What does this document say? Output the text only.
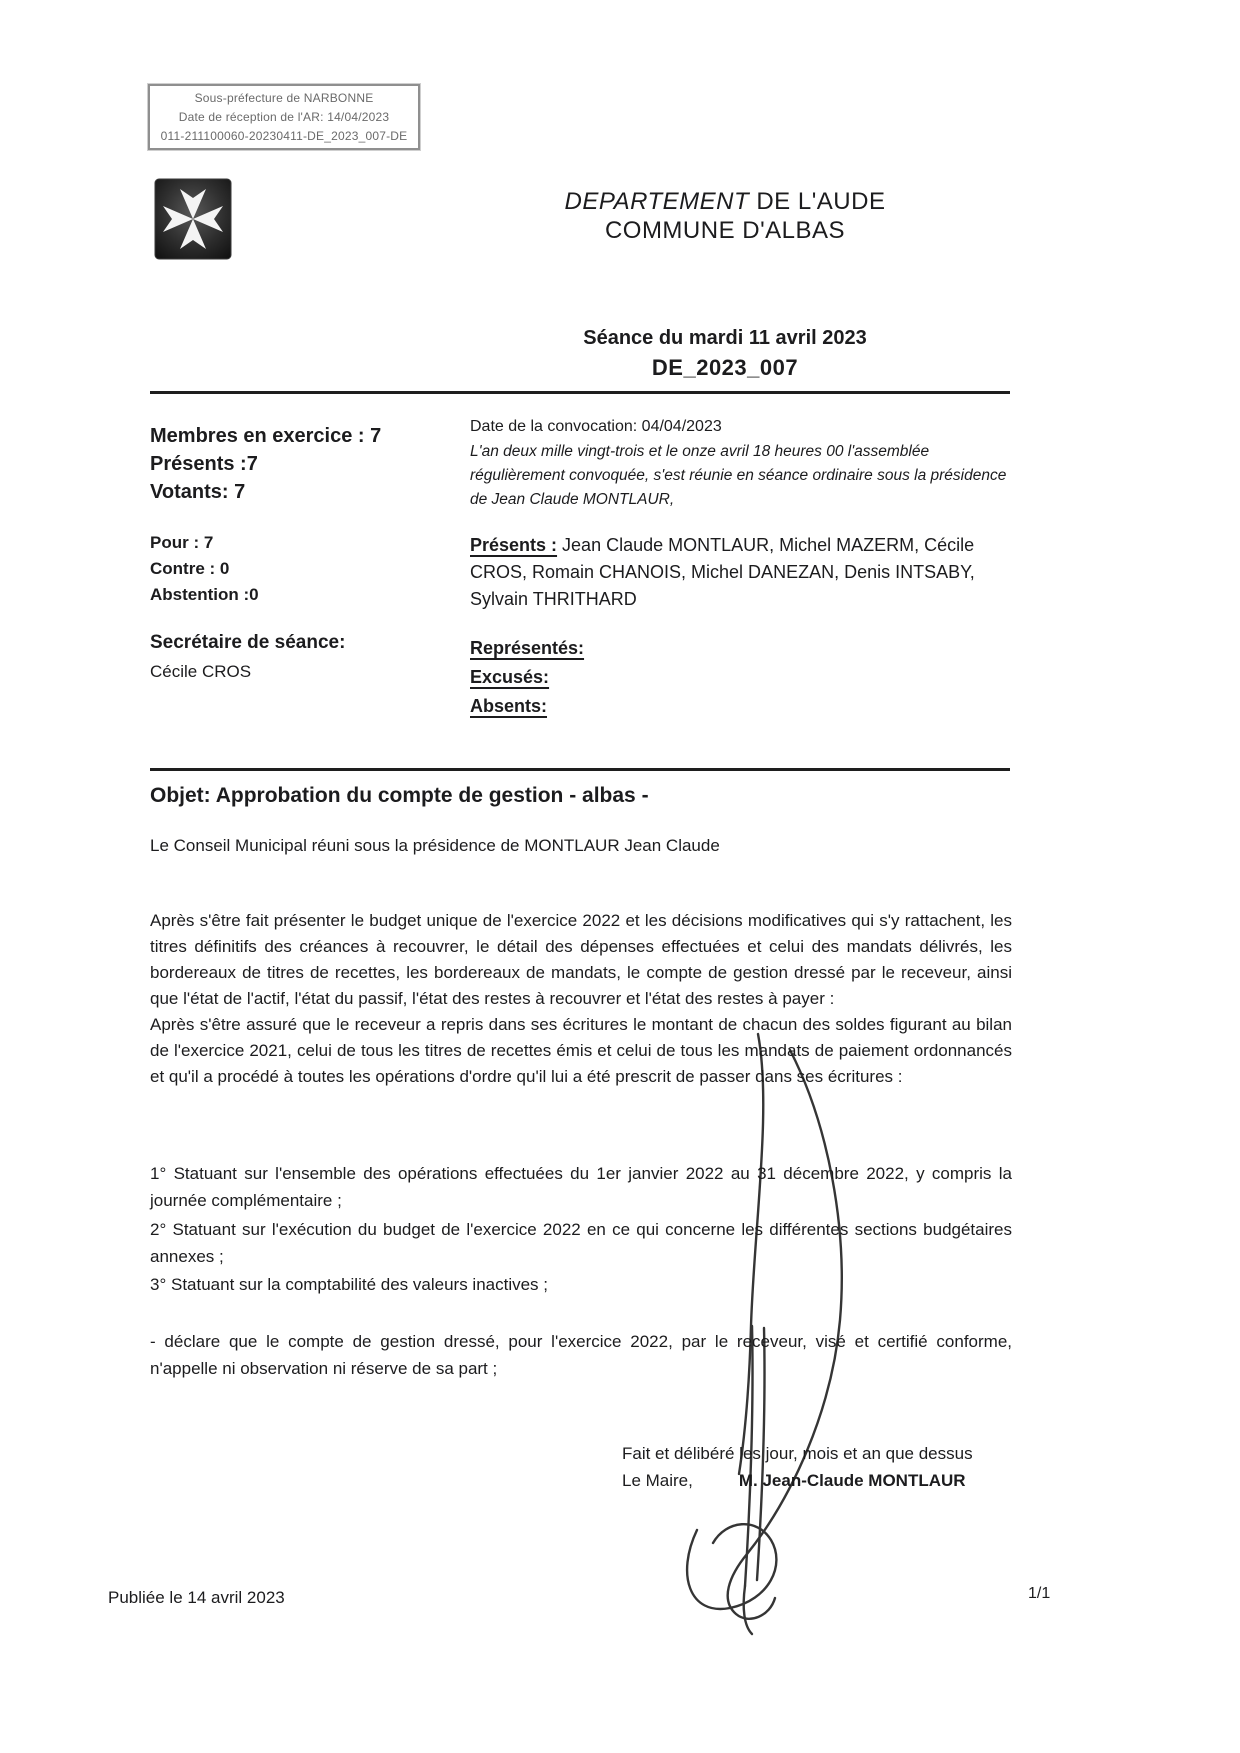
Sous-préfecture de NARBONNE
Date de réception de l'AR: 14/04/2023
011-211100060-20230411-DE_2023_007-DE
DEPARTEMENT DE L'AUDE
COMMUNE D'ALBAS
Séance du mardi 11 avril 2023
DE_2023_007
Membres en exercice : 7
Présents :7
Votants: 7
Pour : 7
Contre : 0
Abstention :0
Secrétaire de séance:
Cécile CROS
Date de la convocation: 04/04/2023
L'an deux mille vingt-trois et le onze avril 18 heures 00 l'assemblée régulièrement convoquée, s'est réunie en séance ordinaire sous la présidence de Jean Claude MONTLAUR,
Présents : Jean Claude MONTLAUR, Michel MAZERM, Cécile CROS, Romain CHANOIS, Michel DANEZAN, Denis INTSABY, Sylvain THRITHARD
Représentés:
Excusés:
Absents:
Objet: Approbation du compte de gestion - albas -
Le Conseil Municipal réuni sous la présidence de MONTLAUR Jean Claude
Après s'être fait présenter le budget unique de l'exercice 2022 et les décisions modificatives qui s'y rattachent, les titres définitifs des créances à recouvrer, le détail des dépenses effectuées et celui des mandats délivrés, les bordereaux de titres de recettes, les bordereaux de mandats, le compte de gestion dressé par le receveur, ainsi que l'état de l'actif, l'état du passif, l'état des restes à recouvrer et l'état des restes à payer :
Après s'être assuré que le receveur a repris dans ses écritures le montant de chacun des soldes figurant au bilan de l'exercice 2021, celui de tous les titres de recettes émis et celui de tous les mandats de paiement ordonnancés et qu'il a procédé à toutes les opérations d'ordre qu'il lui a été prescrit de passer dans ses écritures :
1° Statuant sur l'ensemble des opérations effectuées du 1er janvier 2022 au 31 décembre 2022, y compris la journée complémentaire ;
2° Statuant sur l'exécution du budget de l'exercice 2022 en ce qui concerne les différentes sections budgétaires annexes ;
3° Statuant sur la comptabilité des valeurs inactives ;
- déclare que le compte de gestion dressé, pour l'exercice 2022, par le receveur, visé et certifié conforme, n'appelle ni observation ni réserve de sa part ;
Fait et délibéré les jour, mois et an que dessus
Le Maire,	M. Jean-Claude MONTLAUR
Publiée le 14 avril 2023	1/1
